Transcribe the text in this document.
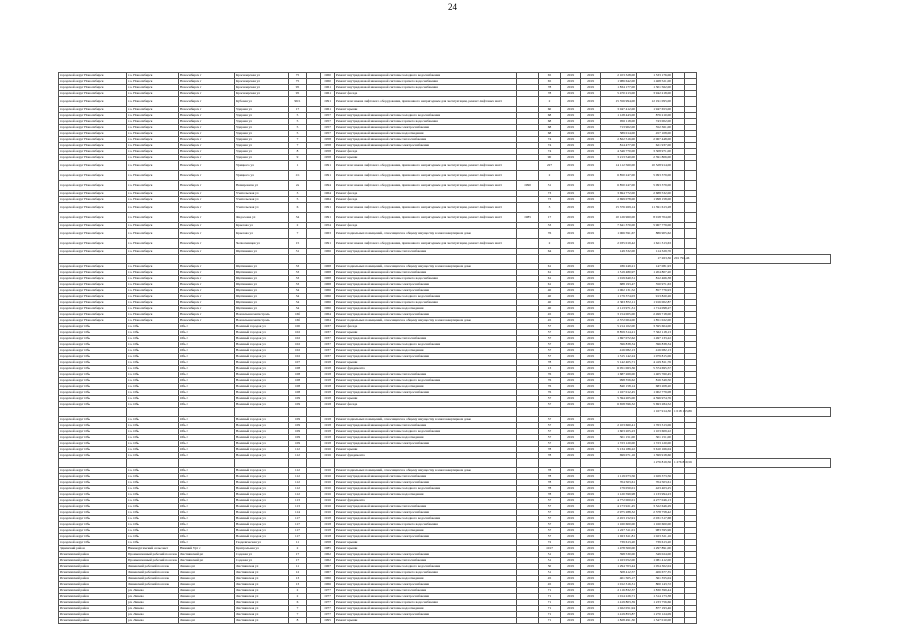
24
городской округ Новосибирск	г.о. Новосибирск	Новосибирск г	Красноярская ул	75		1960	Ремонт внутридомовой инженерной системы холодного водоснабжения		65	2019	2019	2 103 328,00	1 533 176,00			
городской округ Новосибирск	г.о. Новосибирск	Новосибирск г	Красноярская ул	75		1960	Ремонт внутридомовой инженерной системы горячего водоснабжения		65	2019	2019	1 986 642,00	1 468 521,00			
городской округ Новосибирск	г.о. Новосибирск	Новосибирск г	Красноярская ул	95		1961	Ремонт внутридомовой инженерной системы горячего водоснабжения		78	2019	2019	1 834 177,00	1 301 562,00			
городской округ Новосибирск	г.о. Новосибирск	Новосибирск г	Красноярская ул	95		1961	Ремонт фасада		78	2019	2019	5 470 213,00	3 942 218,00			
городской округ Новосибирск	г.о. Новосибирск	Новосибирск г	Кубовая ул	96/1		1991	Ремонт или замена лифтового оборудования, признанного непригодным для эксплуатации, ремонт лифтовых шахт		2	2019	2019	15 356 994,00	12 191 095,00			
городской округ Новосибирск	г.о. Новосибирск	Новосибирск г	Ударная ул	17		1961	Ремонт крыши		60	2019	2019	3 047 412,00	1 947 653,00			
городской округ Новосибирск	г.о. Новосибирск	Новосибирск г	Ударная ул	5		1957	Ремонт внутридомовой инженерной системы холодного водоснабжения		68	2019	2019	1 128 443,00	876 210,00			
городской округ Новосибирск	г.о. Новосибирск	Новосибирск г	Ударная ул	5		1957	Ремонт внутридомовой инженерной системы горячего водоснабжения		68	2019	2019	956 118,00	743 002,00			
городской округ Новосибирск	г.о. Новосибирск	Новосибирск г	Ударная ул	5		1957	Ремонт внутридомовой инженерной системы электроснабжения		68	2019	2019	713 902,00	552 361,00			
городской округ Новосибирск	г.о. Новосибирск	Новосибирск г	Ударная ул	5		1957	Ремонт внутридомовой инженерной системы водоотведения		68	2019	2019	589 014,00	457 108,00			
городской округ Новосибирск	г.о. Новосибирск	Новосибирск г	Ударная ул	7		1958	Ремонт внутридомовой инженерной системы теплоснабжения		74	2019	2019	2 822 516,00	2 067 448,00			
городской округ Новосибирск	г.о. Новосибирск	Новосибирск г	Ударная ул	7		1958	Ремонт внутридомовой инженерной системы электроснабжения		74	2019	2019	814 477,00	621 937,00			
городской округ Новосибирск	г.о. Новосибирск	Новосибирск г	Ударная ул	8		1958	Ремонт фасада		74	2019	2019	4 346 770,00	3 308 971,00			
городской округ Новосибирск	г.о. Новосибирск	Новосибирск г	Ударная ул	9		1958	Ремонт крыши		90	2019	2019	3 213 540,00	2 391 806,00			
городской округ Новосибирск	г.о. Новосибирск	Новосибирск г	Урицкого ул	1		1991	Ремонт или замена лифтового оборудования, признанного непригодным для эксплуатации, ремонт лифтовых шахт		227	2019	2019	14 112 560,00	10 528 914,00			
городской округ Новосибирск	г.о. Новосибирск	Новосибирск г	Урицкого ул	1/1		1991	Ремонт или замена лифтового оборудования, признанного непригодным для эксплуатации, ремонт лифтовых шахт		2	2019	2019	6 850 247,00	5 093 379,00			
городской округ Новосибирск	г.о. Новосибирск	Новосибирск г	Немировича ул	2а		1994	Ремонт или замена лифтового оборудования, признанного непригодным для эксплуатации, ремонт лифтовых шахт	1990	31	2019	2019	6 850 247,00	5 093 379,00			
городской округ Новосибирск	г.о. Новосибирск	Новосибирск г	Учительская ул	3		1964	Ремонт фасада		73	2019	2019	3 694 772,00	2 688 532,00			
городской округ Новосибирск	г.о. Новосибирск	Новосибирск г	Учительская ул	5		1964	Ремонт фасада		73	2019	2019	2 699 078,00	1 998 158,00			
городской округ Новосибирск	г.о. Новосибирск	Новосибирск г	Учительская ул	6		1991	Ремонт или замена лифтового оборудования, признанного непригодным для эксплуатации, ремонт лифтовых шахт		3	2019	2019	15 376 269,14	11 391 613,28			
городской округ Новосибирск	г.о. Новосибирск	Новосибирск г	Федосеева ул	34		1991	Ремонт или замена лифтового оборудования, признанного непригодным для эксплуатации, ремонт лифтовых шахт	1985	17	2019	2019	10 126 960,00	8 018 704,00			
городской округ Новосибирск	г.о. Новосибирск	Новосибирск г	Крылова ул	2		1954	Ремонт фасада		33	2019	2019	7 641 370,00	5 967 779,00			
городской округ Новосибирск	г.о. Новосибирск	Новосибирск г	Крылова ул	7		1963	Ремонт подвальных помещений, относящихся к общему имуществу в многоквартирном доме		76	2019	2019	1 066 591,67	886 905,62			
городской округ Новосибирск	г.о. Новосибирск	Новосибирск г	Челюскинцев ул	15		1991	Ремонт или замена лифтового оборудования, признанного непригодным для эксплуатации, ремонт лифтовых шахт		2	2019	2019	2 035 019,42	1 621 313,63			
городской округ Новосибирск	г.о. Новосибирск	Новосибирск г	Щетинкина ул	31		1966	Ремонт внутридомовой инженерной системы теплоснабжения		64	2019	2019	149 332,00	114 329,76			
													17 263,36	201 792,46		
городской округ Новосибирск	г.о. Новосибирск	Новосибирск г	Щетинкина ул	33		1968	Ремонт подвальных помещений, относящихся к общему имуществу в многоквартирном доме		61	2019	2019	186 249,21	147 081,93			
городской округ Новосибирск	г.о. Новосибирск	Новосибирск г	Щетинкина ул	33		1968	Ремонт внутридомовой инженерной системы теплоснабжения		61	2019	2019	1 519 480,97	1 204 807,20			
городской округ Новосибирск	г.о. Новосибирск	Новосибирск г	Щетинкина ул	33		1968	Ремонт внутридомовой инженерной системы горячего водоснабжения		61	2019	2019	1 019 640,51	812 466,38			
городской округ Новосибирск	г.о. Новосибирск	Новосибирск г	Щетинкина ул	33		1968	Ремонт внутридомовой инженерной системы электроснабжения		61	2019	2019	688 193,47	550 971,63			
городской округ Новосибирск	г.о. Новосибирск	Новосибирск г	Щетинкина ул	34		1966	Ремонт внутридомовой инженерной системы электроснабжения		40	2019	2019	1 062 131,52	857 776,93			
городской округ Новосибирск	г.о. Новосибирск	Новосибирск г	Щетинкина ул	34		1966	Ремонт внутридомовой инженерной системы холодного водоснабжения		40	2019	2019	1 179 374,03	913 820,26			
городской округ Новосибирск	г.о. Новосибирск	Новосибирск г	Щетинкина ул	34		1966	Ремонт внутридомовой инженерной системы горячего водоснабжения		40	2019	2019	2 363 872,11	1 916 002,87			
городской округ Новосибирск	г.о. Новосибирск	Новосибирск г	Щетинкина ул	34		1966	Ремонт внутридомовой инженерной системы водоотведения		40	2019	2019	2 113 971,31	1 714 098,27			
городской округ Новосибирск	г.о. Новосибирск	Новосибирск г	Вокзальная магистраль	16б		1964	Ремонт внутридомовой инженерной системы электроснабжения		45	2019	2019	3 154 005,00	2 499 718,00			
городской округ Новосибирск	г.о. Новосибирск	Новосибирск г	Вокзальная магистраль	16б		1964	Ремонт подвальных помещений, относящихся к общему имуществу в многоквартирном доме		45	2019	2019	2 372 004,00	1 851 022,00			
городской округ Обь	г.о. Обь	Обь г	Военный городок ул	100		1937	Ремонт фасада		57	2019	2019	5 214 102,00	3 595 604,00			
городской округ Обь	г.о. Обь	Обь г	Военный городок ул	102		1937	Ремонт крыши		57	2019	2019	8 859 314,21	7 562 118,13			
городской округ Обь	г.о. Обь	Обь г	Военный городок ул	102		1937	Ремонт внутридомовой инженерной системы теплоснабжения		57	2019	2019	1 697 072,62	1 497 133,22			
городской округ Обь	г.о. Обь	Обь г	Военный городок ул	102		1937	Ремонт внутридомовой инженерной системы холодного водоснабжения		57	2019	2019	396 838,34	396 838,34			
городской округ Обь	г.о. Обь	Обь г	Военный городок ул	102		1937	Ремонт внутридомовой инженерной системы водоотведения		57	2019	2019	416 082,13	416 082,13			
городской округ Обь	г.о. Обь	Обь г	Военный городок ул	102		1937	Ремонт внутридомовой инженерной системы электроснабжения		57	2019	2019	1 315 142,24	1 079 815,06			
городской округ Обь	г.о. Обь	Обь г	Военный городок ул	107		1918	Ремонт крыши		78	2019	2019	5 142 405,71	4 419 811,76			
городской округ Обь	г.о. Обь	Обь г	Военный городок ул	108		1918	Ремонт фундамента		13	2019	2019	6 051 063,36	5 374 695,57			
городской округ Обь	г.о. Обь	Обь г	Военный городок ул	108		1918	Ремонт внутридомовой инженерной системы теплоснабжения		76	2019	2019	1 687 269,00	1 405 760,45			
городской округ Обь	г.о. Обь	Обь г	Военный городок ул	108		1918	Ремонт внутридомовой инженерной системы холодного водоснабжения		76	2019	2019	998 356,62	816 349,50			
городской округ Обь	г.о. Обь	Обь г	Военный городок ул	108		1918	Ремонт внутридомовой инженерной системы водоотведения		76	2019	2019	840 158,14	683 208,20			
городской округ Обь	г.о. Обь	Обь г	Военный городок ул	108		1918	Ремонт внутридомовой инженерной системы электроснабжения		76	2019	2019	1 167 012,45	1 002 779,08			
городской округ Обь	г.о. Обь	Обь г	Военный городок ул	109		1918	Ремонт крыши		57	2019	2019	5 394 205,00	4 596 974,76			
городской округ Обь	г.о. Обь	Обь г	Военный городок ул	109		1918	Ремонт фасада		57	2019	2019	6 658 596,32	5 693 284,52			
													1 167 914,30	1 018 153,86		
городской округ Обь	г.о. Обь	Обь г	Военный городок ул	109		1918	Ремонт подвальных помещений, относящихся к общему имуществу в многоквартирном доме		57	2019	2019					
городской округ Обь	г.о. Обь	Обь г	Военный городок ул	109		1918	Ремонт внутридомовой инженерной системы теплоснабжения		57	2019	2019	2 103 660,41	1 763 313,06			
городской округ Обь	г.о. Обь	Обь г	Военный городок ул	109		1918	Ремонт внутридомовой инженерной системы холодного водоснабжения		57	2019	2019	1 603 205,23	1 103 609,22			
городской округ Обь	г.о. Обь	Обь г	Военный городок ул	109		1918	Ремонт внутридомовой инженерной системы водоотведения		57	2019	2019	301 151,00	301 151,00			
городской округ Обь	г.о. Обь	Обь г	Военный городок ул	109		1918	Ремонт внутридомовой инженерной системы электроснабжения		57	2019	2019	1 723 120,00	1 723 120,00			
городской округ Обь	г.о. Обь	Обь г	Военный городок ул	112		1916	Ремонт крыши		78	2019	2019	5 134 186,22	3 610 166,04			
городской округ Обь	г.о. Обь	Обь г	Военный городок ул	112		1916	Ремонт фундамента		78	2019	2019	699 071,16	1 399 918,60			
													1 276 819,56	1 276 819,56		
городской округ Обь	г.о. Обь	Обь г	Военный городок ул	112		1916	Ремонт подвальных помещений, относящихся к общему имуществу в многоквартирном доме		78	2019	2019					
городской округ Обь	г.о. Обь	Обь г	Военный городок ул	112		1916	Ремонт внутридомовой инженерной системы теплоснабжения		78	2019	2019	1 119 073,56	1 029 373,56			
городской округ Обь	г.о. Обь	Обь г	Военный городок ул	112		1916	Ремонт внутридомовой инженерной системы электроснабжения		78	2019	2019	704 503,61	704 503,61			
городской округ Обь	г.о. Обь	Обь г	Военный городок ул	112		1916	Ремонт внутридомовой инженерной системы холодного водоснабжения		78	2019	2019	179 050,01	423 403,25			
городской округ Обь	г.о. Обь	Обь г	Военный городок ул	112		1916	Ремонт внутридомовой инженерной системы водоотведения		78	2019	2019	1 120 599,98	1 133 994,23			
городской округ Обь	г.о. Обь	Обь г	Военный городок ул	113		1916	Ремонт фундамента		57	2019	2019	4 772 000,01	4 277 046,13			
городской округ Обь	г.о. Обь	Обь г	Военный городок ул	113		1916	Ремонт внутридомовой инженерной системы теплоснабжения		57	2019	2019	4 173 921,45	3 522 646,29			
городской округ Обь	г.о. Обь	Обь г	Военный городок ул	114		1916	Ремонт внутридомовой инженерной системы электроснабжения		57	2019	2019	2 975 288,32	2 378 758,42			
городской округ Обь	г.о. Обь	Обь г	Военный городок ул	117		1918	Ремонт внутридомовой инженерной системы холодного водоснабжения		57	2019	2019	2 453 152,91	2 031 517,68			
городской округ Обь	г.о. Обь	Обь г	Военный городок ул	117		1918	Ремонт внутридомовой инженерной системы горячего водоснабжения		57	2019	2019	1 160 600,00	1 160 600,00			
городской округ Обь	г.о. Обь	Обь г	Военный городок ул	117		1918	Ремонт внутридомовой инженерной системы водоотведения		57	2019	2019	1 227 311,01	983 595,96			
городской округ Обь	г.о. Обь	Обь г	Военный городок ул	117		1918	Ремонт внутридомовой инженерной системы электроснабжения		57	2019	2019	1 023 611,81	1 023 321,16			
городской округ Обь	г.о. Обь	Обь г	Геодезическая ул	11		1958	Ремонт крыши		72	2019	2019	739 613,20	739 613,20			
Здвинский район	Нижнеуртамский сельсовет	Нижний Урт с	Центральная ул	2		1985	Ремонт крыши		1017	2019	2019	1 478 500,00	1 297 891,00			
Искитимский район	Промышленный рабочий поселок	Листвянский рп	Садовая ул	17		1962	Ремонт внутридомовой инженерной системы электроснабжения		51	2019	2019	398 530,00	349 024,00			
Искитимский район	Промышленный рабочий поселок	Листвянский рп	Садовая ул	17		1962	Ремонт внутридомовой инженерной системы теплоснабжения		51	2019	2019	1 163 052,00	1 081 412,00			
Искитимский район	Линевский рабочий поселок	Линево рп	Листвянская ул	11		1967	Ремонт внутридомовой инженерной системы холодного водоснабжения		50	2019	2019	1 294 703,44	1 054 302,04			
Искитимский район	Линевский рабочий поселок	Линево рп	Листвянская ул	12		1967	Ремонт внутридомовой инженерной системы горячего водоснабжения		51	2019	2019	508 412,57	406 677,35			
Искитимский район	Линевский рабочий поселок	Линево рп	Листвянская ул	13		1966	Ремонт внутридомовой инженерной системы водоотведения		45	2019	2019	401 505,17	361 355,04			
Искитимский район	Линевский рабочий поселок	Линево рп	Листвянская ул	13		1966	Ремонт внутридомовой инженерной системы электроснабжения		45	2019	2019	1 012 316,31	800 143,72			
Искитимский район	рп. Линево	Линево рп	Листвянская ул	2		1977	Ремонт внутридомовой инженерной системы теплоснабжения		71	2019	2019	2 116 832,37	1 830 399,44			
Искитимский район	рп. Линево	Линево рп	Листвянская ул	2		1977	Ремонт внутридомовой инженерной системы электроснабжения		71	2019	2019	1 014 226,71	1 314 173,38			
Искитимский район	рп. Линево	Линево рп	Листвянская ул	6		1977	Ремонт внутридомовой инженерной системы горячего водоснабжения		71	2019	2019	1 419 803,39	1 233 756,66			
Искитимский район	рп. Линево	Линево рп	Листвянская ул	7		1977	Ремонт внутридомовой инженерной системы водоотведения		71	2019	2019	1 022 051,94	877 193,46			
Искитимский район	рп. Линево	Линево рп	Листвянская ул	7		1977	Ремонт внутридомовой инженерной системы электроснабжения		71	2019	2019	1 419 853,87	1 270 124,09			
Искитимский район	рп. Линево	Линево рп	Листвянская ул	8		1995	Ремонт крыши		71	2019	2019	1 828 491,30	1 547 010,00			
